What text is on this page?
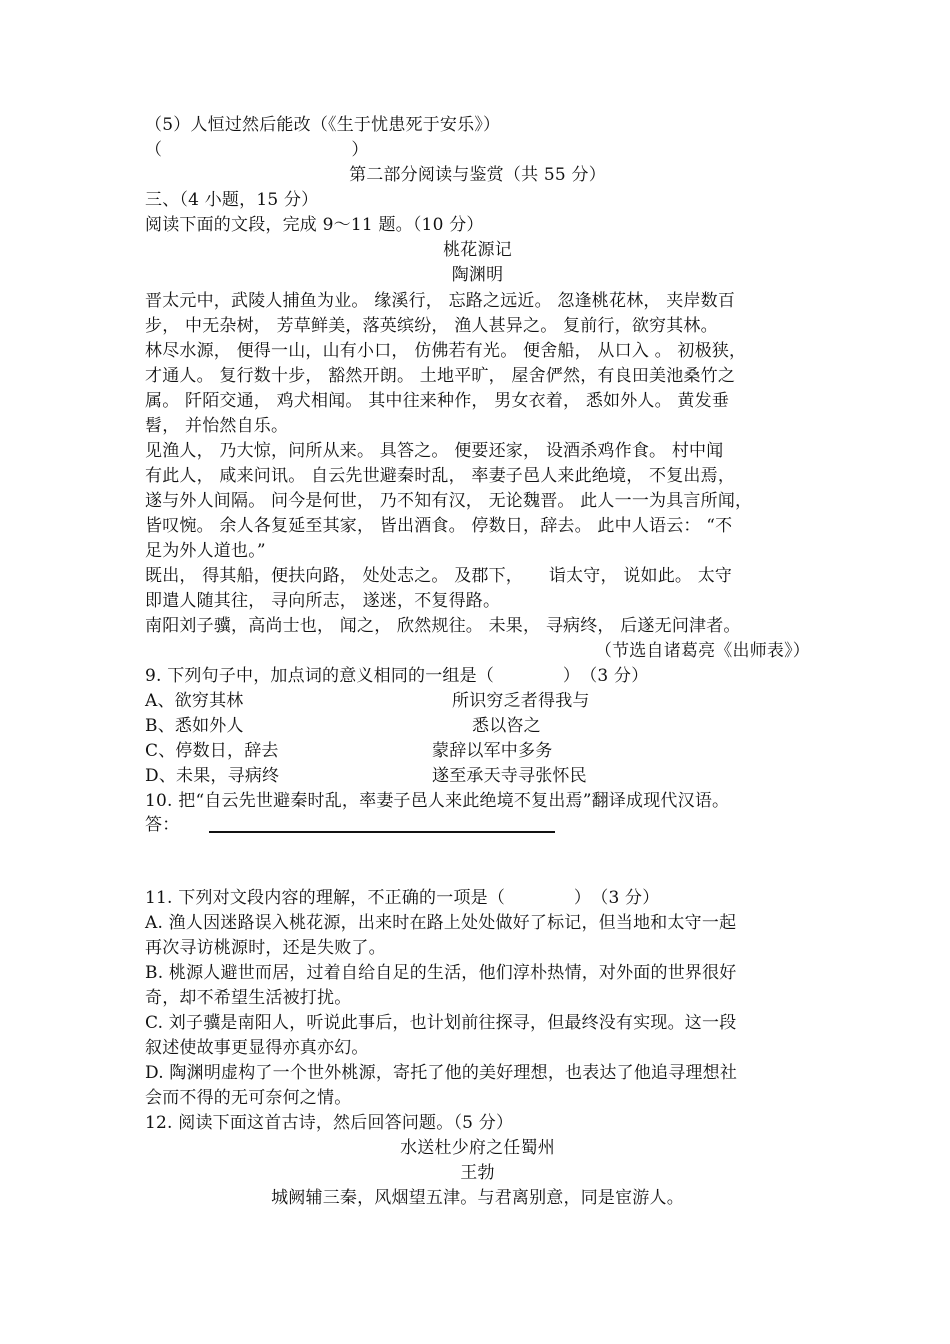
（5）人恒过然后能改（《生于忧患死于安乐》）
（　　　　　　　　　　　）
第二部分阅读与鉴赏（共 55 分）
三、（4 小题，15 分）
阅读下面的文段，完成 9～11 题。（10 分）
桃花源记
陶渊明
晋太元中，武陵人捕鱼为业。 缘溪行， 忘路之远近。 忽逢桃花林， 夹岸数百
步， 中无杂树， 芳草鲜美，落英缤纷， 渔人甚异之。 复前行，欲穷其林。
林尽水源， 便得一山，山有小口， 仿佛若有光。 便舍船， 从口入 。 初极狭，
才通人。 复行数十步， 豁然开朗。 土地平旷， 屋舍俨然，有良田美池桑竹之
属。 阡陌交通， 鸡犬相闻。 其中往来种作， 男女衣着， 悉如外人。 黄发垂
髫， 并怡然自乐。
见渔人， 乃大惊，问所从来。 具答之。 便要还家， 设酒杀鸡作食。 村中闻
有此人， 咸来问讯。 自云先世避秦时乱， 率妻子邑人来此绝境， 不复出焉，
遂与外人间隔。 问今是何世， 乃不知有汉， 无论魏晋。 此人一一为具言所闻，
皆叹惋。 余人各复延至其家， 皆出酒食。 停数日，辞去。 此中人语云： “不
足为外人道也。”
既出， 得其船，便扶向路， 处处志之。 及郡下，　　诣太守， 说如此。 太守
即遣人随其往， 寻向所志， 遂迷，不复得路。
南阳刘子骥，高尚士也， 闻之， 欣然规往。 未果， 寻病终， 后遂无问津者。
（节选自诸葛亮《出师表》）
9. 下列句子中，加点词的意义相同的一组是（　　　　）　（3 分）
A、欲穷其林	所识穷乏者得我与
B、悉如外人	悉以咨之
C、停数日，辞去	蒙辞以军中多务
D、未果，寻病终	遂至承天寺寻张怀民
10. 把“自云先世避秦时乱，率妻子邑人来此绝境不复出焉”翻译成现代汉语。
答：
11. 下列对文段内容的理解，不正确的一项是（　　　　）　（3 分）
A. 渔人因迷路误入桃花源，出来时在路上处处做好了标记，但当地和太守一起
再次寻访桃源时，还是失败了。
B. 桃源人避世而居，过着自给自足的生活，他们淳朴热情，对外面的世界很好
奇，却不希望生活被打扰。
C. 刘子骥是南阳人，听说此事后，也计划前往探寻，但最终没有实现。这一段
叙述使故事更显得亦真亦幻。
D. 陶渊明虚构了一个世外桃源，寄托了他的美好理想，也表达了他追寻理想社
会而不得的无可奈何之情。
12. 阅读下面这首古诗，然后回答问题。（5 分）
水送杜少府之任蜀州
王勃
城阙辅三秦，风烟望五津。与君离别意，同是宦游人。
